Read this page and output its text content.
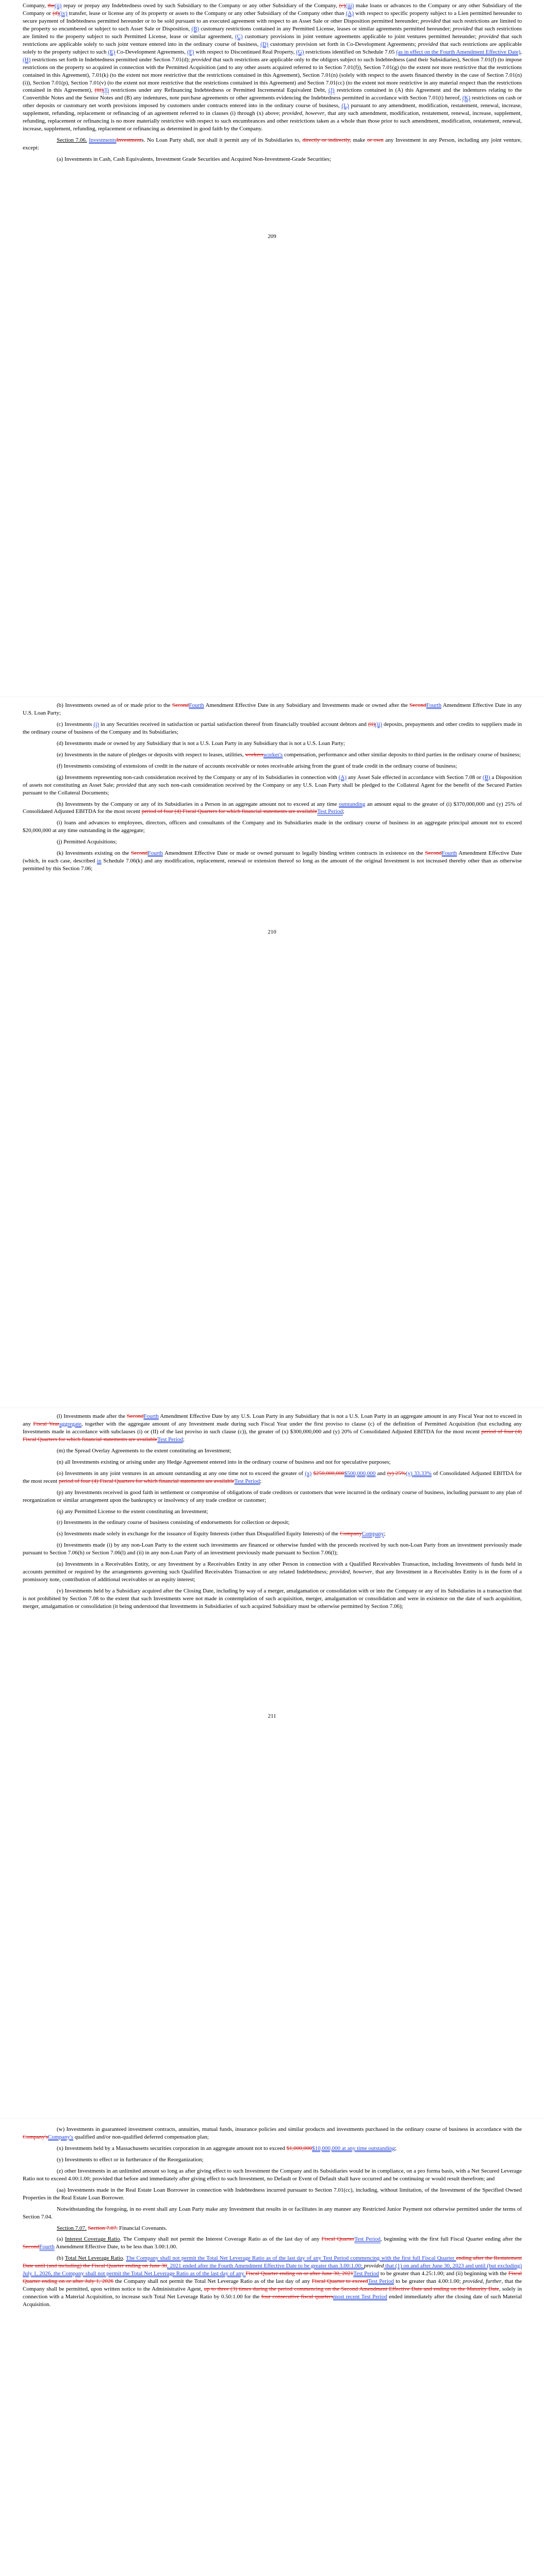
Company, the(ii) repay or prepay any Indebtedness owed by such Subsidiary to the Company or any other Subsidiary of the Company, (c)(iii) make loans or advances to the Company or any other Subsidiary of the Company or (d)(iv) transfer, lease or license any of its property or assets to the Company or any other Subsidiary of the Company other than (A) with respect to specific property subject to a Lien permitted hereunder to secure payment of Indebtedness permitted hereunder or to be sold pursuant to an executed agreement with respect to an Asset Sale or other Disposition permitted hereunder; provided that such restrictions are limited to the property so encumbered or subject to such Asset Sale or Disposition, (B) customary restrictions contained in any Permitted License, leases or similar agreements permitted hereunder; provided that such restrictions are limited to the property subject to such Permitted License, lease or similar agreement, (C) customary provisions in joint venture agreements applicable to joint ventures permitted hereunder; provided that such restrictions are applicable solely to such joint venture entered into in the ordinary course of business, (D) customary provision set forth in Co-Development Agreements; provided that such restrictions are applicable solely to the property subject to such (E) Co-Development Agreements, (F) with respect to Discontinued Real Property, (G) restrictions identified on Schedule 7.05 (as in effect on the Fourth Amendment Effective Date), (H) restrictions set forth in Indebtedness permitted under Section 7.01(d); provided that such restrictions are applicable only to the obligors subject to such Indebtedness (and their Subsidiaries), Section 7.01(f) (to impose restrictions on the property so acquired in connection with the Permitted Acquisition (and to any other assets acquired referred to in Section 7.01(f)), Section 7.01(g) (to the extent not more restrictive that the restrictions contained in this Agreement), 7.01(k) (to the extent not more restrictive that the restrictions contained in this Agreement), Section 7.01(n) (solely with respect to the assets financed thereby in the case of Section 7.01(n)(i)), Section 7.01(p), Section 7.01(v) (to the extent not more restrictive that the restrictions contained in this Agreement) and Section 7.01(cc) (to the extent not more restrictive in any material respect than the restrictions contained in this Agreement), (iii)(I) restrictions under any Refinancing Indebtedness or Permitted Incremental Equivalent Debt, (J) restrictions contained in (A) this Agreement and the indentures relating to the Convertible Notes and the Senior Notes and (B) any indentures, note purchase agreements or other agreements evidencing the Indebtedness permitted in accordance with Section 7.01(t) hereof, (K) restrictions on cash or other deposits or customary net worth provisions imposed by customers under contracts entered into in the ordinary course of business, (L) pursuant to any amendment, modification, restatement, renewal, increase, supplement, refunding, replacement or refinancing of an agreement referred to in clauses (i) through (x) above; provided, however, that any such amendment, modification, restatement, renewal, increase, supplement, refunding, replacement or refinancing is no more materially restrictive with respect to such encumbrances and other restrictions taken as a whole than those prior to such amendment, modification, restatement, renewal, increase, supplement, refunding, replacement or refinancing as determined in good faith by the Company.

Section 7.06. InvestmentsInvestments. No Loan Party shall, nor shall it permit any of its Subsidiaries to, directly or indirectly, make or own any Investment in any Person, including any joint venture, except:

(a) Investments in Cash, Cash Equivalents, Investment Grade Securities and Acquired Non-Investment-Grade Securities;

209

(b) Investments owned as of or made prior to the SecondFourth Amendment Effective Date in any Subsidiary and Investments made or owned after the SecondFourth Amendment Effective Date in any U.S. Loan Party;

(c) Investments (i) in any Securities received in satisfaction or partial satisfaction thereof from financially troubled account debtors and (ii)(ii) deposits, prepayments and other credits to suppliers made in the ordinary course of business of the Company and its Subsidiaries;

(d) Investments made or owned by any Subsidiary that is not a U.S. Loan Party in any Subsidiary that is not a U.S. Loan Party;

(e) Investments in the nature of pledges or deposits with respect to leases, utilities, workersworker's compensation, performance and other similar deposits to third parties in the ordinary course of business;

(f) Investments consisting of extensions of credit in the nature of accounts receivable or notes receivable arising from the grant of trade credit in the ordinary course of business;

(g) Investments representing non-cash consideration received by the Company or any of its Subsidiaries in connection with (A) any Asset Sale effected in accordance with Section 7.08 or (B) a Disposition of assets not constituting an Asset Sale; provided that any such non-cash consideration received by the Company or any U.S. Loan Party shall be pledged to the Collateral Agent for the benefit of the Secured Parties pursuant to the Collateral Documents;

(h) Investments by the Company or any of its Subsidiaries in a Person in an aggregate amount not to exceed at any time outstanding an amount equal to the greater of (i) $370,000,000 and (y) 25% of Consolidated Adjusted EBITDA for the most recent period of four (4) Fiscal Quarters for which financial statements are availableTest Period;

(i) loans and advances to employees, directors, officers and consultants of the Company and its Subsidiaries made in the ordinary course of business in an aggregate principal amount not to exceed $20,000,000 at any time outstanding in the aggregate;

(j) Permitted Acquisitions;

(k) Investments existing on the SecondFourth Amendment Effective Date or made or owned pursuant to legally binding written contracts in existence on the SecondFourth Amendment Effective Date (which, in each case, described in Schedule 7.06(k) and any modification, replacement, renewal or extension thereof so long as the amount of the original Investment is not increased thereby other than as otherwise permitted by this Section 7.06;

210

(l) Investments made after the SecondFourth Amendment Effective Date by any U.S. Loan Party in any Subsidiary that is not a U.S. Loan Party in an aggregate amount in any Fiscal Year not to exceed in any Fiscal Yearaggregate, together with the aggregate amount of any Investment made during such Fiscal Year under the first proviso to clause (c) of the definition of Permitted Acquisition (but excluding any Investments made in accordance with subclauses (i) or (II) of the last proviso in such clause (c)), the greater of (x) $300,000,000 and (y) 20% of Consolidated Adjusted EBITDA for the most recent period of four (4) Fiscal Quarters for which financial statements are availableTest Period;

(m) the Spread Overlay Agreements to the extent constituting an Investment;

(n) all Investments existing or arising under any Hedge Agreement entered into in the ordinary course of business and not for speculative purposes;

(o) Investments in any joint ventures in an amount outstanding at any one time not to exceed the greater of (x) $250,000,000$500,000,000 and (y) 25%(y) 33.33% of Consolidated Adjusted EBITDA for the most recent period of four (4) Fiscal Quarters for which financial statements are availableTest Period;

(p) any Investments received in good faith in settlement or compromise of obligations of trade creditors or customers that were incurred in the ordinary course of business, including pursuant to any plan of reorganization or similar arrangement upon the bankruptcy or insolvency of any trade creditor or customer;

(q) any Permitted License to the extent constituting an Investment;

(r) Investments in the ordinary course of business consisting of endorsements for collection or deposit;

(s) Investments made solely in exchange for the issuance of Equity Interests (other than Disqualified Equity Interests) of the CompanyCompany;

(t) Investments made (i) by any non-Loan Party to the extent such investments are financed or otherwise funded with the proceeds received by such non-Loan Party from an investment previously made pursuant to Section 7.06(h) or Section 7.06(l) and (ii) in any non-Loan Party of an investment previously made pursuant to Section 7.06(l);

(u) Investments in a Receivables Entity, or any Investment by a Receivables Entity in any other Person in connection with a Qualified Receivables Transaction, including Investments of funds held in accounts permitted or required by the arrangements governing such Qualified Receivables Transaction or any related Indebtedness; provided, however, that any Investment in a Receivables Entity is in the form of a promissory note, contribution of additional receivables or an equity interest;

(v) Investments held by a Subsidiary acquired after the Closing Date, including by way of a merger, amalgamation or consolidation with or into the Company or any of its Subsidiaries in a transaction that is not prohibited by Section 7.08 to the extent that such Investments were not made in contemplation of such acquisition, merger, amalgamation or consolidation and were in existence on the date of such acquisition, merger, amalgamation or consolidation (it being understood that Investments in Subsidiaries of such acquired Subsidiary must be otherwise permitted by Section 7.06);

211

(w) Investments in guaranteed investment contracts, annuities, mutual funds, insurance policies and similar products and investments purchased in the ordinary course of business in accordance with the Company'sCompany's qualified and/or non-qualified deferred compensation plan;

(x) Investments held by a Massachusetts securities corporation in an aggregate amount not to exceed $1,000,000$10,000,000 at any time outstanding;

(y) Investments to effect or in furtherance of the Reorganization;

(z) other Investments in an unlimited amount so long as after giving effect to such Investment the Company and its Subsidiaries would be in compliance, on a pro forma basis, with a Net Secured Leverage Ratio not to exceed 4.00:1.00; provided that before and immediately after giving effect to such Investment, no Default or Event of Default shall have occurred and be continuing or would result therefrom; and

(aa) Investments made in the Real Estate Loan Borrower in connection with Indebtedness incurred pursuant to Section 7.01(cc), including, without limitation, of the Investment of the Specified Owned Properties in the Real Estate Loan Borrower.

Notwithstanding the foregoing, in no event shall any Loan Party make any Investment that results in or facilitates in any manner any Restricted Junior Payment not otherwise permitted under the terms of Section 7.04.

Section 7.07. Section 7.07. Financial Covenants.

(a) Interest Coverage Ratio. The Company shall not permit the Interest Coverage Ratio as of the last day of any Fiscal QuarterTest Period, beginning with the first full Fiscal Quarter ending after the SecondFourth Amendment Effective Date, to be less than 3.00:1.00.

(b) Total Net Leverage Ratio. The Company shall not permit the Total Net Leverage Ratio as of the last day of any Test Period commencing with the first full Fiscal Quarter ending after the Restatement Date until (and including) the Fiscal Quarter ending on June 30, 2021 ended after the Fourth Amendment Effective Date to be greater than 3.00:1.00; provided that (1) on and after June 30, 2023 and until (but excluding) July 1, 2026, the Company shall not permit the Total Net Leverage Ratio as of the last day of any Fiscal Quarter ending on or after June 30, 2021Test Period to be greater than 4.25:1.00; and (ii) beginning with the Fiscal Quarter ending on or after July 1, 2026 the Company shall not permit the Total Net Leverage Ratio as of the last day of any Fiscal Quarter to exceedTest Period to be greater than 4.00:1.00; provided, further, that the Company shall be permitted, upon written notice to the Administrative Agent, up to three (3) times during the period commencing on the Second Amendment Effective Date and ending on the Maturity Date, solely in connection with a Material Acquisition, to increase such Total Net Leverage Ratio by 0.50:1.00 for the four consecutive fiscal quartersmost recent Test Period ended immediately after the closing date of such Material Acquisition.
